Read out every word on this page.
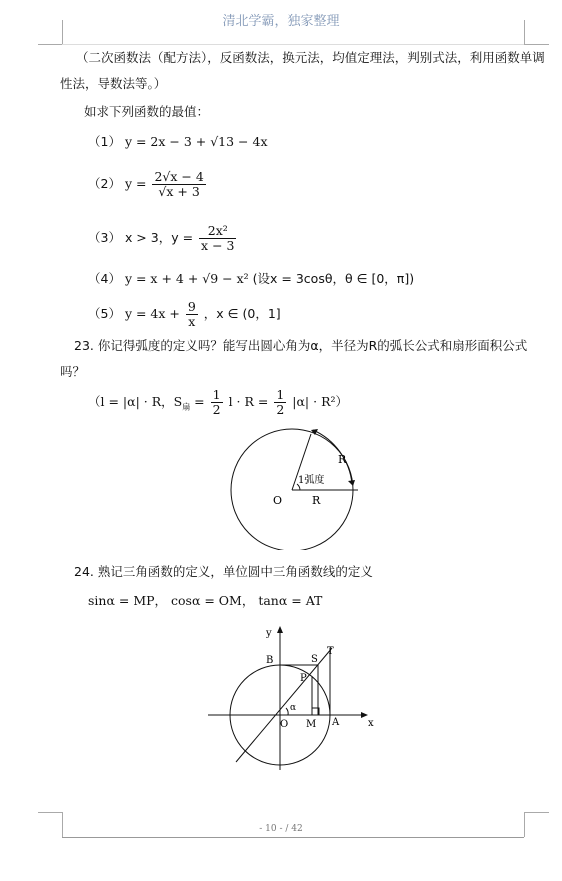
清北学霸，独家整理
（二次函数法（配方法），反函数法，换元法，均值定理法，判别式法，利用函数单调
性法，导数法等。）
如求下列函数的最值：
（1） y = 2x − 3 + √13 − 4x
（2） $y = \frac{2√x - 4}{√x + 3}$
（3） x > 3，$y = \frac{\text{2x²}}{x - 3}$
（4） y = x + 4 + √9 − x² (设x = 3cosθ，θ ∈ [0，π])
（5） $y = 4x + \frac{9}{x}$ ，x ∈ (0，1]
23. 你记得弧度的定义吗？能写出圆心角为α，半径为R的弧长公式和扇形面积公式
吗？
（l = |α| · R，$S_扇 = \frac{1}{2}$ $l \cdot R = \frac{1}{2} |\alpha| \cdot R^2$）
O	R
R
1弧度
24. 熟记三角函数的定义，单位圆中三角函数线的定义
sinα = MP， cosα = OM， tanα = AT
y
x
B	S
T
P
α
O M A
- 10 - / 42
